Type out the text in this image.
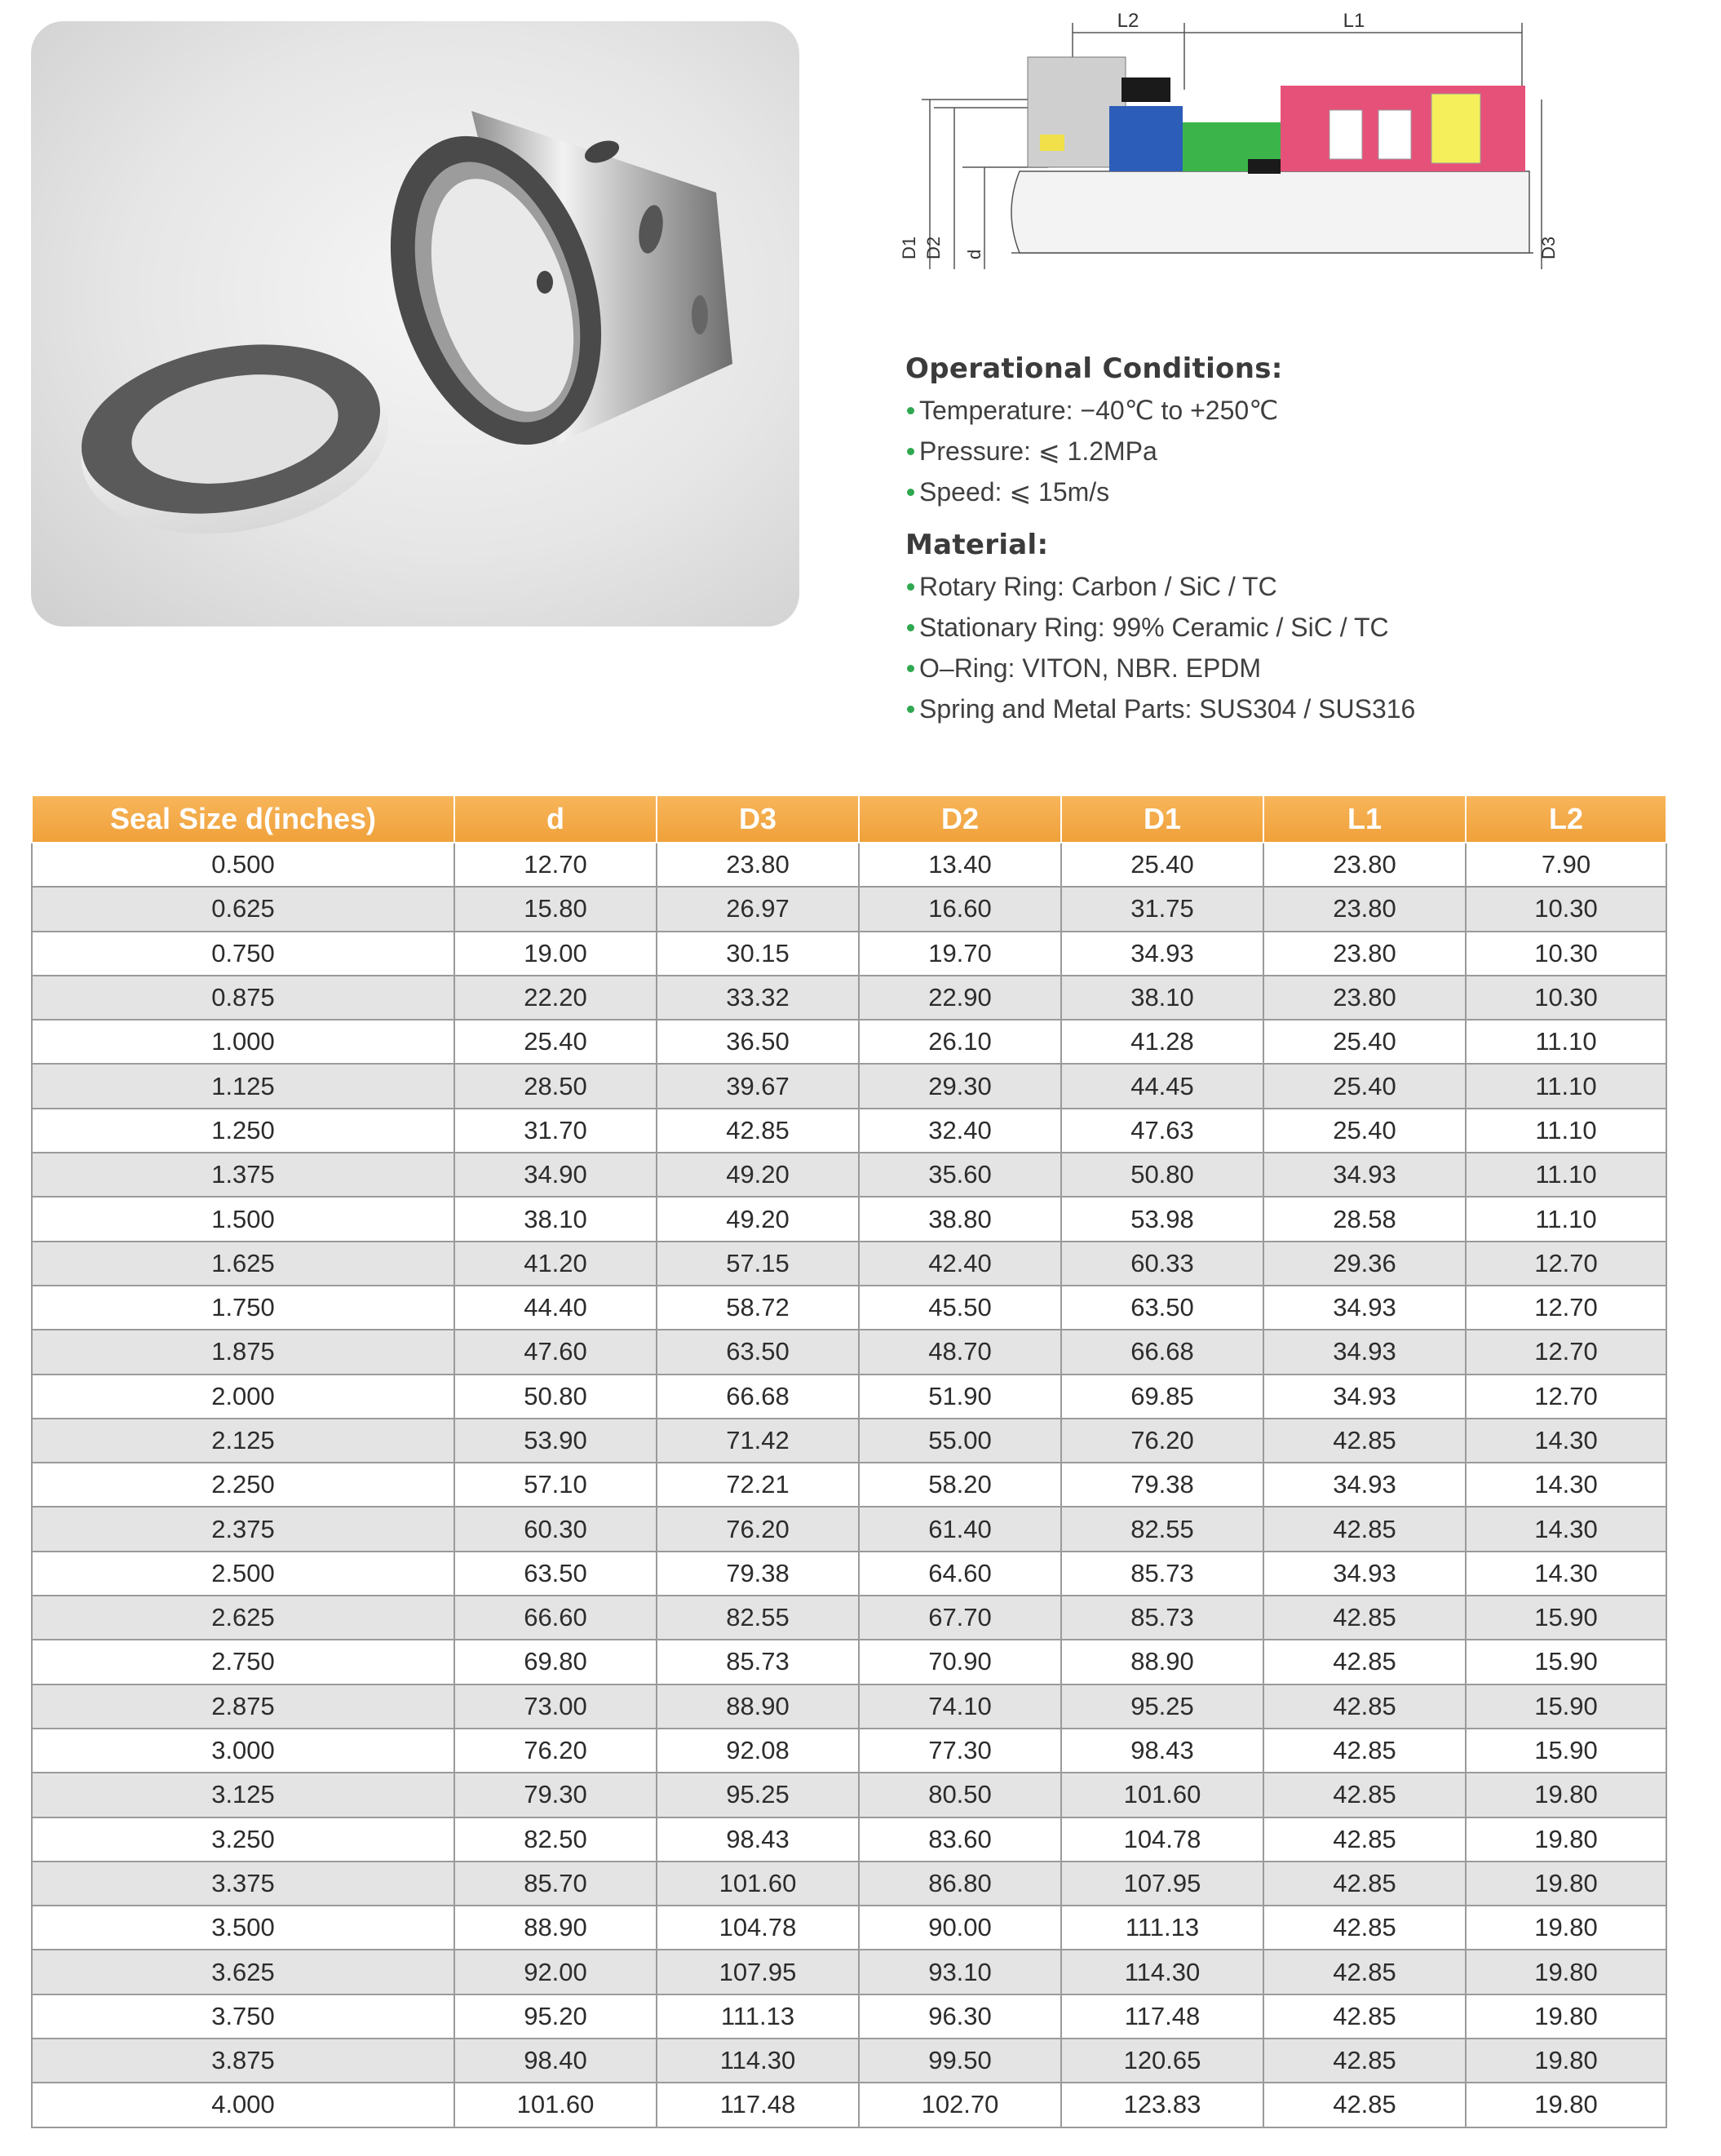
L2	L1
D1 D2 d	D3
Operational Conditions:
Temperature: −40℃ to +250℃
Pressure: ⩽ 1.2MPa
Speed: ⩽ 15m/s
Material:
Rotary Ring: Carbon / SiC / TC
Stationary Ring: 99% Ceramic / SiC / TC
O–Ring: VITON, NBR. EPDM
Spring and Metal Parts: SUS304 / SUS316
Seal Size d(inches)	d	D3	D2	D1	L1	L2
0.500	12.70	23.80	13.40	25.40	23.80	7.90
0.625	15.80	26.97	16.60	31.75	23.80	10.30
0.750	19.00	30.15	19.70	34.93	23.80	10.30
0.875	22.20	33.32	22.90	38.10	23.80	10.30
1.000	25.40	36.50	26.10	41.28	25.40	11.10
1.125	28.50	39.67	29.30	44.45	25.40	11.10
1.250	31.70	42.85	32.40	47.63	25.40	11.10
1.375	34.90	49.20	35.60	50.80	34.93	11.10
1.500	38.10	49.20	38.80	53.98	28.58	11.10
1.625	41.20	57.15	42.40	60.33	29.36	12.70
1.750	44.40	58.72	45.50	63.50	34.93	12.70
1.875	47.60	63.50	48.70	66.68	34.93	12.70
2.000	50.80	66.68	51.90	69.85	34.93	12.70
2.125	53.90	71.42	55.00	76.20	42.85	14.30
2.250	57.10	72.21	58.20	79.38	34.93	14.30
2.375	60.30	76.20	61.40	82.55	42.85	14.30
2.500	63.50	79.38	64.60	85.73	34.93	14.30
2.625	66.60	82.55	67.70	85.73	42.85	15.90
2.750	69.80	85.73	70.90	88.90	42.85	15.90
2.875	73.00	88.90	74.10	95.25	42.85	15.90
3.000	76.20	92.08	77.30	98.43	42.85	15.90
3.125	79.30	95.25	80.50	101.60	42.85	19.80
3.250	82.50	98.43	83.60	104.78	42.85	19.80
3.375	85.70	101.60	86.80	107.95	42.85	19.80
3.500	88.90	104.78	90.00	111.13	42.85	19.80
3.625	92.00	107.95	93.10	114.30	42.85	19.80
3.750	95.20	111.13	96.30	117.48	42.85	19.80
3.875	98.40	114.30	99.50	120.65	42.85	19.80
4.000	101.60	117.48	102.70	123.83	42.85	19.80
